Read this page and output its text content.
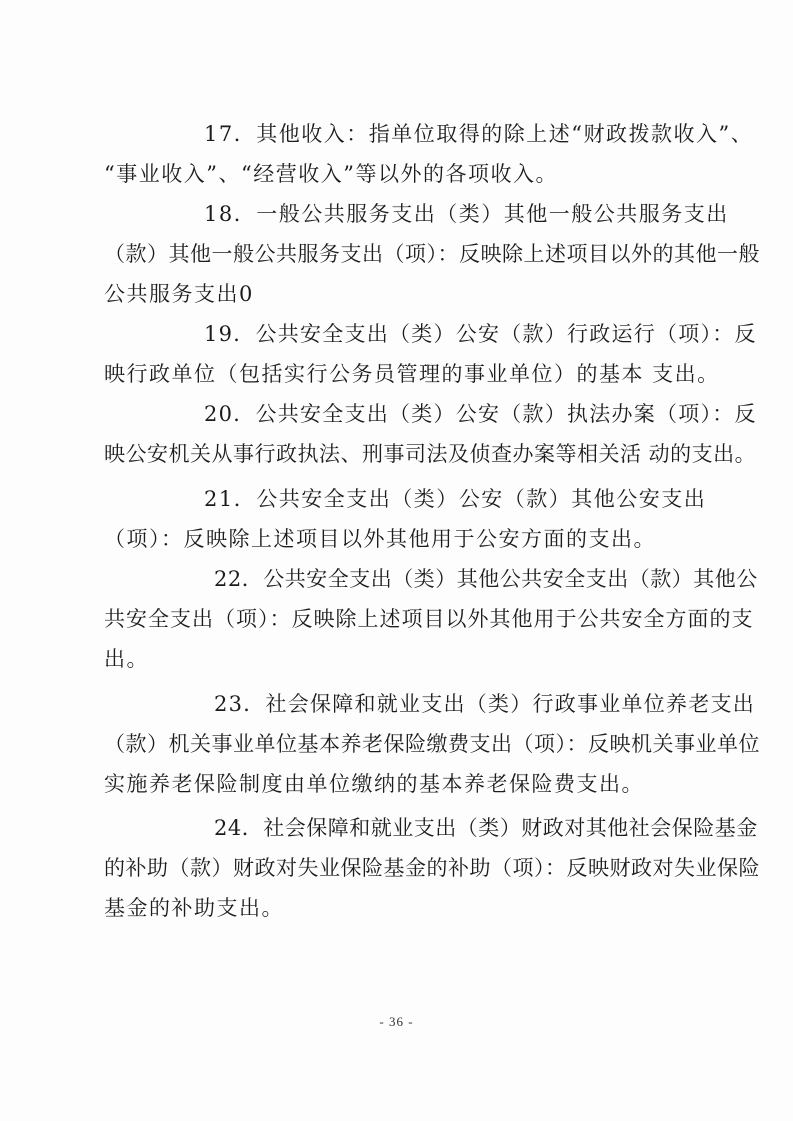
17．其他收入：指单位取得的除上述“财政拨款收入”、
“事业收入”、“经营收入”等以外的各项收入。
18．一般公共服务支出（类）其他一般公共服务支出
（款）其他一般公共服务支出（项）：反映除上述项目以外的其他一般
公共服务支出0
19．公共安全支出（类）公安（款）行政运行（项）：反
映行政单位（包括实行公务员管理的事业单位）的基本 支出。
20．公共安全支出（类）公安（款）执法办案（项）：反
映公安机关从事行政执法、刑事司法及侦查办案等相关活 动的支出。
21．公共安全支出（类）公安（款）其他公安支出
（项）：反映除上述项目以外其他用于公安方面的支出。
22．公共安全支出（类）其他公共安全支出（款）其他公
共安全支出（项）：反映除上述项目以外其他用于公共安全方面的支
出。
23．社会保障和就业支出（类）行政事业单位养老支出
（款）机关事业单位基本养老保险缴费支出（项）：反映机关事业单位
实施养老保险制度由单位缴纳的基本养老保险费支出。
24．社会保障和就业支出（类）财政对其他社会保险基金
的补助（款）财政对失业保险基金的补助（项）：反映财政对失业保险
基金的补助支出。
- 36 -
